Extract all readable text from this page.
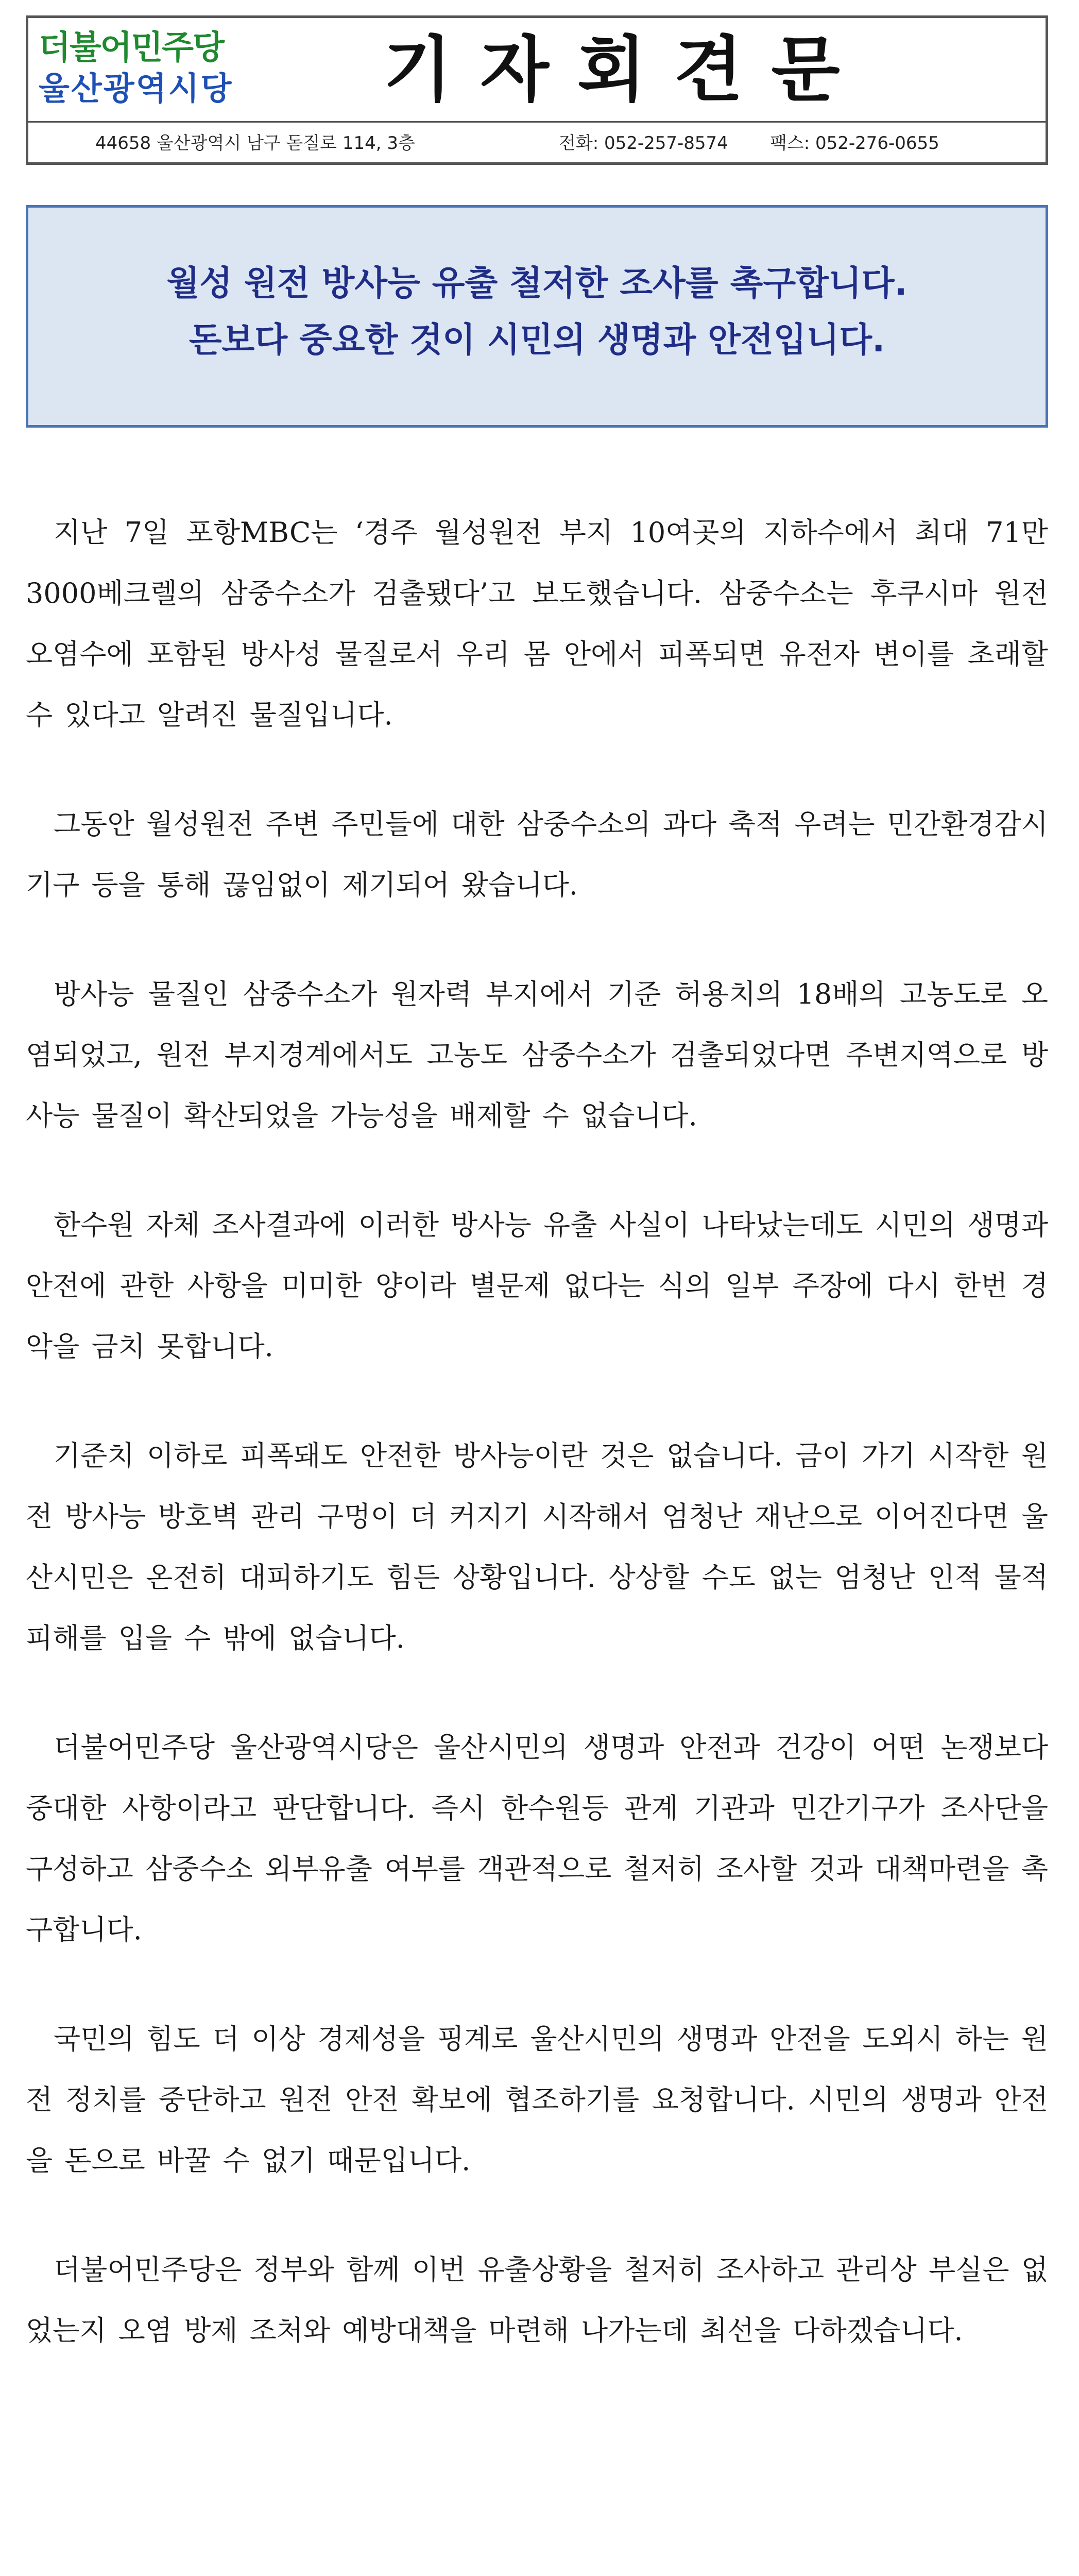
더불어민주당
울산광역시당	기자회견문
44658 울산광역시 남구 돋질로 114, 3층	전화: 052-257-8574 팩스: 052-276-0655
월성 원전 방사능 유출 철저한 조사를 촉구합니다.
돈보다 중요한 것이 시민의 생명과 안전입니다.

지난 7일 포항MBC는 ‘경주 월성원전 부지 10여곳의 지하수에서 최대 71만 3000베크렐의 삼중수소가 검출됐다’고 보도했습니다. 삼중수소는 후쿠시마 원전 오염수에 포함된 방사성 물질로서 우리 몸 안에서 피폭되면 유전자 변이를 초래할 수 있다고 알려진 물질입니다.

그동안 월성원전 주변 주민들에 대한 삼중수소의 과다 축적 우려는 민간환경감시기구 등을 통해 끊임없이 제기되어 왔습니다.

방사능 물질인 삼중수소가 원자력 부지에서 기준 허용치의 18배의 고농도로 오염되었고, 원전 부지경계에서도 고농도 삼중수소가 검출되었다면 주변지역으로 방사능 물질이 확산되었을 가능성을 배제할 수 없습니다.

한수원 자체 조사결과에 이러한 방사능 유출 사실이 나타났는데도 시민의 생명과 안전에 관한 사항을 미미한 양이라 별문제 없다는 식의 일부 주장에 다시 한번 경악을 금치 못합니다.

기준치 이하로 피폭돼도 안전한 방사능이란 것은 없습니다. 금이 가기 시작한 원전 방사능 방호벽 관리 구멍이 더 커지기 시작해서 엄청난 재난으로 이어진다면 울산시민은 온전히 대피하기도 힘든 상황입니다. 상상할 수도 없는 엄청난 인적 물적 피해를 입을 수 밖에 없습니다.

더불어민주당 울산광역시당은 울산시민의 생명과 안전과 건강이 어떤 논쟁보다 중대한 사항이라고 판단합니다. 즉시 한수원등 관계 기관과 민간기구가 조사단을 구성하고 삼중수소 외부유출 여부를 객관적으로 철저히 조사할 것과 대책마련을 촉구합니다.

국민의 힘도 더 이상 경제성을 핑계로 울산시민의 생명과 안전을 도외시 하는 원전 정치를 중단하고 원전 안전 확보에 협조하기를 요청합니다. 시민의 생명과 안전을 돈으로 바꿀 수 없기 때문입니다.

더불어민주당은 정부와 함께 이번 유출상황을 철저히 조사하고 관리상 부실은 없었는지 오염 방제 조처와 예방대책을 마련해 나가는데 최선을 다하겠습니다.
